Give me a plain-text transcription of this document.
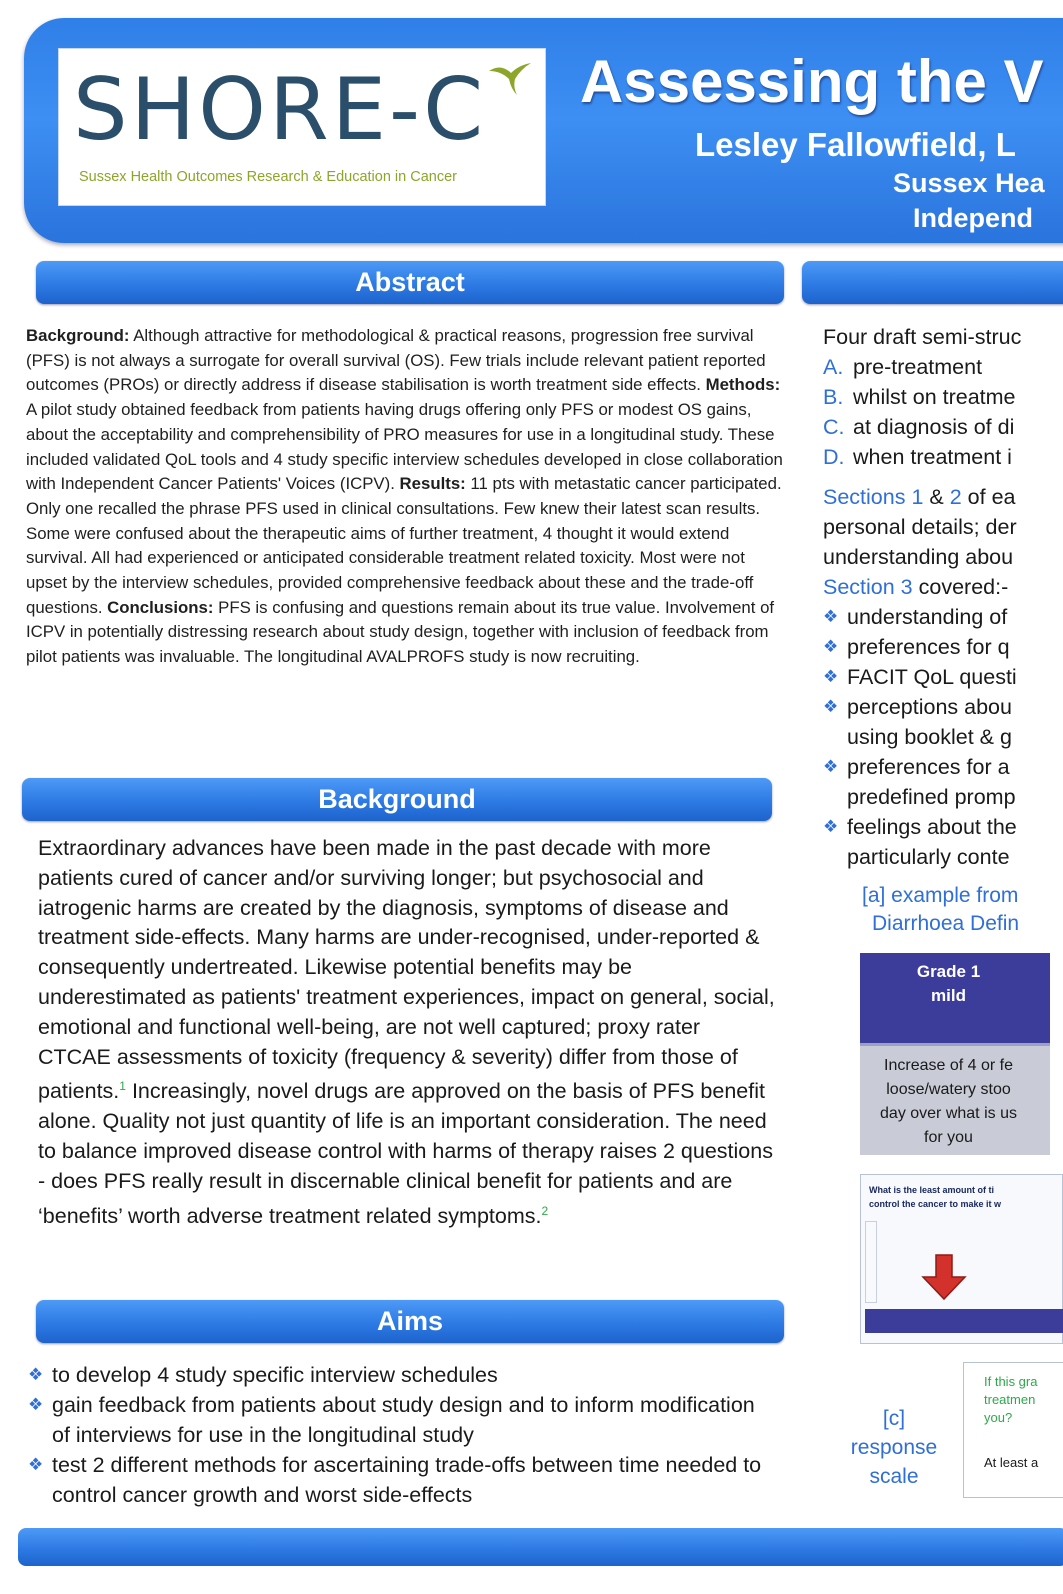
SHORE-C
Sussex Health Outcomes Research & Education in Cancer
Assessing the V
Lesley Fallowfield, L
Sussex Hea
Independ
Abstract
Background: Although attractive for methodological & practical reasons, progression free survival (PFS) is not always a surrogate for overall survival (OS). Few trials include relevant patient reported outcomes (PROs) or directly address if disease stabilisation is worth treatment side effects. Methods: A pilot study obtained feedback from patients having drugs offering only PFS or modest OS gains, about the acceptability and comprehensibility of PRO measures for use in a longitudinal study. These included validated QoL tools and 4 study specific interview schedules developed in close collaboration with Independent Cancer Patients' Voices (ICPV). Results: 11 pts with metastatic cancer participated. Only one recalled the phrase PFS used in clinical consultations. Few knew their latest scan results. Some were confused about the therapeutic aims of further treatment, 4 thought it would extend survival. All had experienced or anticipated considerable treatment related toxicity. Most were not upset by the interview schedules, provided comprehensive feedback about these and the trade-off questions. Conclusions: PFS is confusing and questions remain about its true value. Involvement of ICPV in potentially distressing research about study design, together with inclusion of feedback from pilot patients was invaluable. The longitudinal AVALPROFS study is now recruiting.
Background
Extraordinary advances have been made in the past decade with more patients cured of cancer and/or surviving longer; but psychosocial and iatrogenic harms are created by the diagnosis, symptoms of disease and treatment side-effects. Many harms are under-recognised, under-reported & consequently undertreated. Likewise potential benefits may be underestimated as patients' treatment experiences, impact on general, social, emotional and functional well-being, are not well captured; proxy rater CTCAE assessments of toxicity (frequency & severity) differ from those of patients.$^1$ Increasingly, novel drugs are approved on the basis of PFS benefit alone. Quality not just quantity of life is an important consideration. The need to balance improved disease control with harms of therapy raises 2 questions - does PFS really result in discernable clinical benefit for patients and are ‘benefits’ worth adverse treatment related symptoms.$^2$
Aims
❖ to develop 4 study specific interview schedules
❖ gain feedback from patients about study design and to inform modification of interviews for use in the longitudinal study
❖ test 2 different methods for ascertaining trade-offs between time needed to control cancer growth and worst side-effects
Four draft semi-struc
A. pre-treatment
B. whilst on treatme
C. at diagnosis of di
D. when treatment i
Sections 1 & 2 of ea
personal details; der
understanding abou
Section 3 covered:-
❖ understanding of
❖ preferences for q
❖ FACIT QoL questi
❖ perceptions abou
using booklet & g
❖ preferences for a
predefined promp
❖ feelings about the
particularly conte
[a] example from
Diarrhoea Defin
Grade 1
mild
Increase of 4 or fe
loose/watery stoo
day over what is us
for you
What is the least amount of ti
control the cancer to make it w
[c]
response
scale
If this gra
treatmen
you?
At least a
